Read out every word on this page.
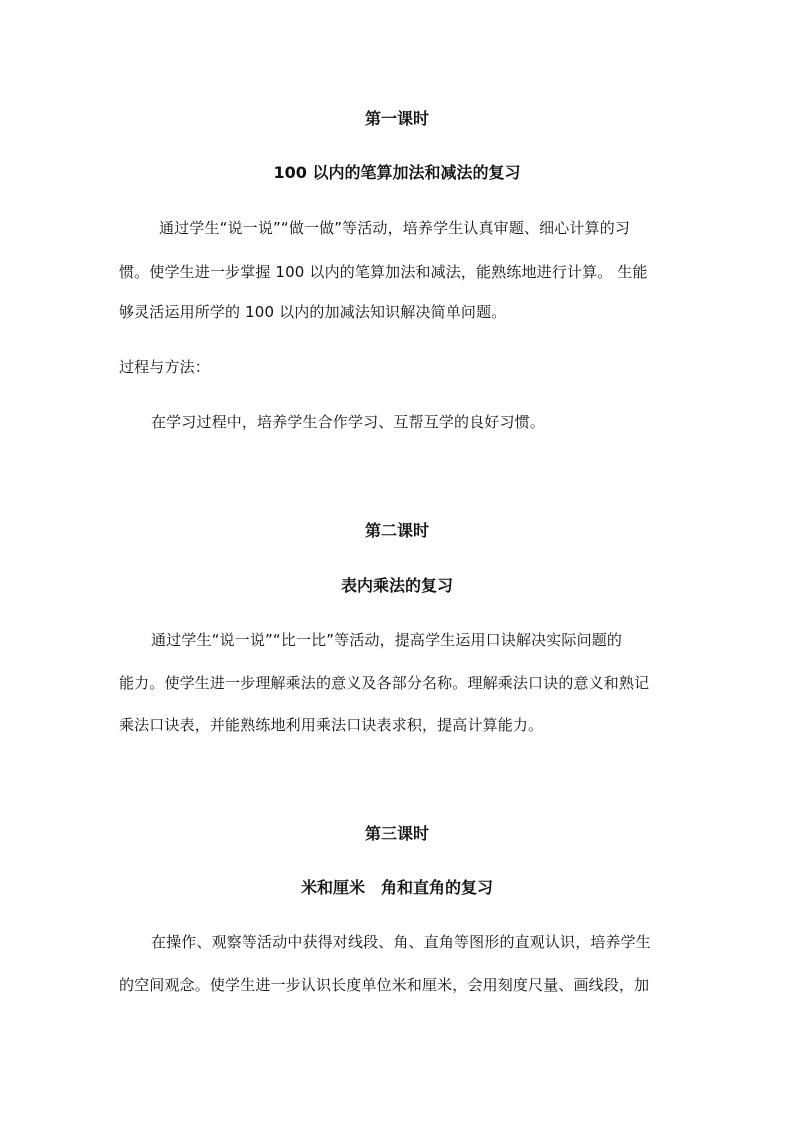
第一课时
100 以内的笔算加法和减法的复习
通过学生“说一说”“做一做”等活动，培养学生认真审题、细心计算的习
惯。使学生进一步掌握 100 以内的笔算加法和减法，能熟练地进行计算。 生能
够灵活运用所学的 100 以内的加减法知识解决简单问题。
过程与方法：
在学习过程中，培养学生合作学习、互帮互学的良好习惯。
第二课时
表内乘法的复习
通过学生“说一说”“比一比”等活动，提高学生运用口诀解决实际问题的
能力。使学生进一步理解乘法的意义及各部分名称。理解乘法口诀的意义和熟记
乘法口诀表，并能熟练地利用乘法口诀表求积，提高计算能力。
第三课时
米和厘米　角和直角的复习
在操作、观察等活动中获得对线段、角、直角等图形的直观认识，培养学生
的空间观念。使学生进一步认识长度单位米和厘米，会用刻度尺量、画线段，加
